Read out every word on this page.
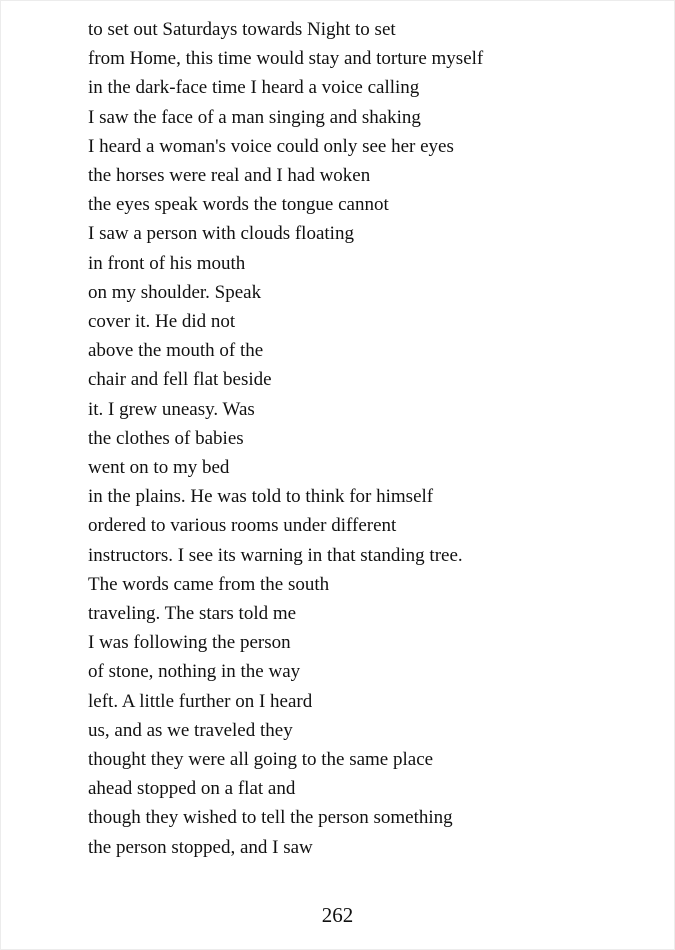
to set out Saturdays towards Night to set
from Home, this time would stay and torture myself
in the dark-face time I heard a voice calling
I saw the face of a man singing and shaking
I heard a woman's voice could only see her eyes
the horses were real and I had woken
the eyes speak words the tongue cannot
I saw a person with clouds floating
in front of his mouth
on my shoulder. Speak
cover it. He did not
above the mouth of the
chair and fell flat beside
it. I grew uneasy. Was
the clothes of babies
went on to my bed
in the plains. He was told to think for himself
ordered to various rooms under different
instructors. I see its warning in that standing tree.
The words came from the south
traveling. The stars told me
I was following the person
of stone, nothing in the way
left. A little further on I heard
us, and as we traveled they
thought they were all going to the same place
ahead stopped on a flat and
though they wished to tell the person something
the person stopped, and I saw
262
